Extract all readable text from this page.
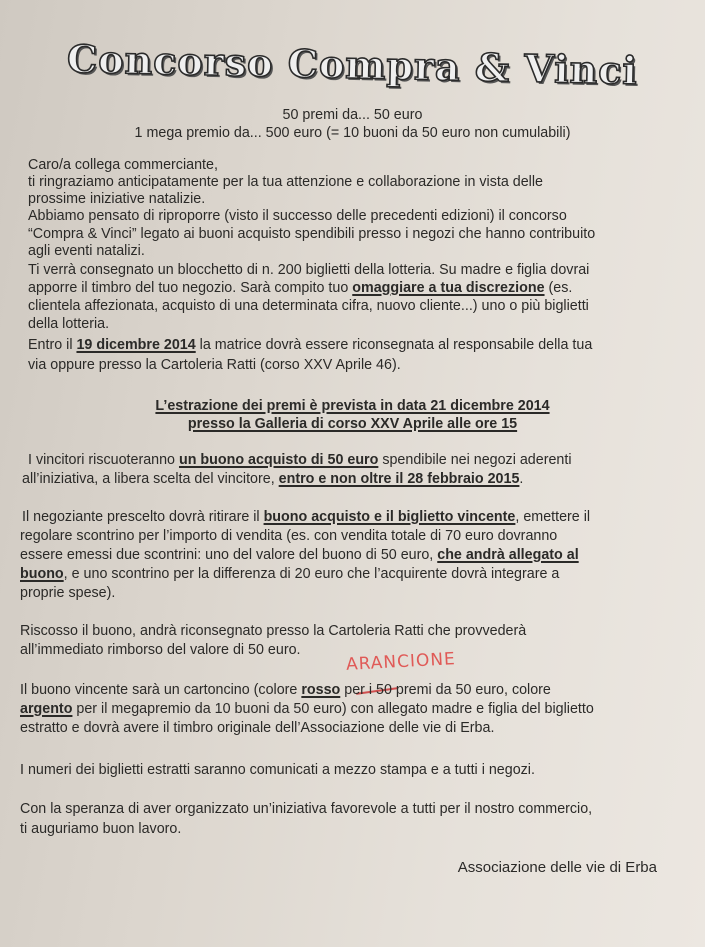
Concorso Compra & Vinci
50 premi da... 50 euro
1 mega premio da... 500 euro (= 10 buoni da 50 euro non cumulabili)
Caro/a collega commerciante,
ti ringraziamo anticipatamente per la tua attenzione e collaborazione in vista delle
prossime iniziative natalizie.
Abbiamo pensato di riproporre (visto il successo delle precedenti edizioni) il concorso
“Compra & Vinci” legato ai buoni acquisto spendibili presso i negozi che hanno contribuito
agli eventi natalizi.
Ti verrà consegnato un blocchetto di n. 200 biglietti della lotteria. Su madre e figlia dovrai
apporre il timbro del tuo negozio. Sarà compito tuo omaggiare a tua discrezione (es.
clientela affezionata, acquisto di una determinata cifra, nuovo cliente...) uno o più biglietti
della lotteria.
Entro il 19 dicembre 2014 la matrice dovrà essere riconsegnata al responsabile della tua
via oppure presso la Cartoleria Ratti (corso XXV Aprile 46).
L’estrazione dei premi è prevista in data 21 dicembre 2014
presso la Galleria di corso XXV Aprile alle ore 15
I vincitori riscuoteranno un buono acquisto di 50 euro spendibile nei negozi aderenti
all’iniziativa, a libera scelta del vincitore, entro e non oltre il 28 febbraio 2015.
Il negoziante prescelto dovrà ritirare il buono acquisto e il biglietto vincente, emettere il
regolare scontrino per l’importo di vendita (es. con vendita totale di 70 euro dovranno
essere emessi due scontrini: uno del valore del buono di 50 euro, che andrà allegato al
buono, e uno scontrino per la differenza di 20 euro che l’acquirente dovrà integrare a
proprie spese).
Riscosso il buono, andrà riconsegnato presso la Cartoleria Ratti che provvederà
all’immediato rimborso del valore di 50 euro.	ARANCIONE
Il buono vincente sarà un cartoncino (colore rosso per i 50 premi da 50 euro, colore
argento per il megapremio da 10 buoni da 50 euro) con allegato madre e figlia del biglietto
estratto e dovrà avere il timbro originale dell’Associazione delle vie di Erba.
I numeri dei biglietti estratti saranno comunicati a mezzo stampa e a tutti i negozi.
Con la speranza di aver organizzato un’iniziativa favorevole a tutti per il nostro commercio,
ti auguriamo buon lavoro.
Associazione delle vie di Erba
